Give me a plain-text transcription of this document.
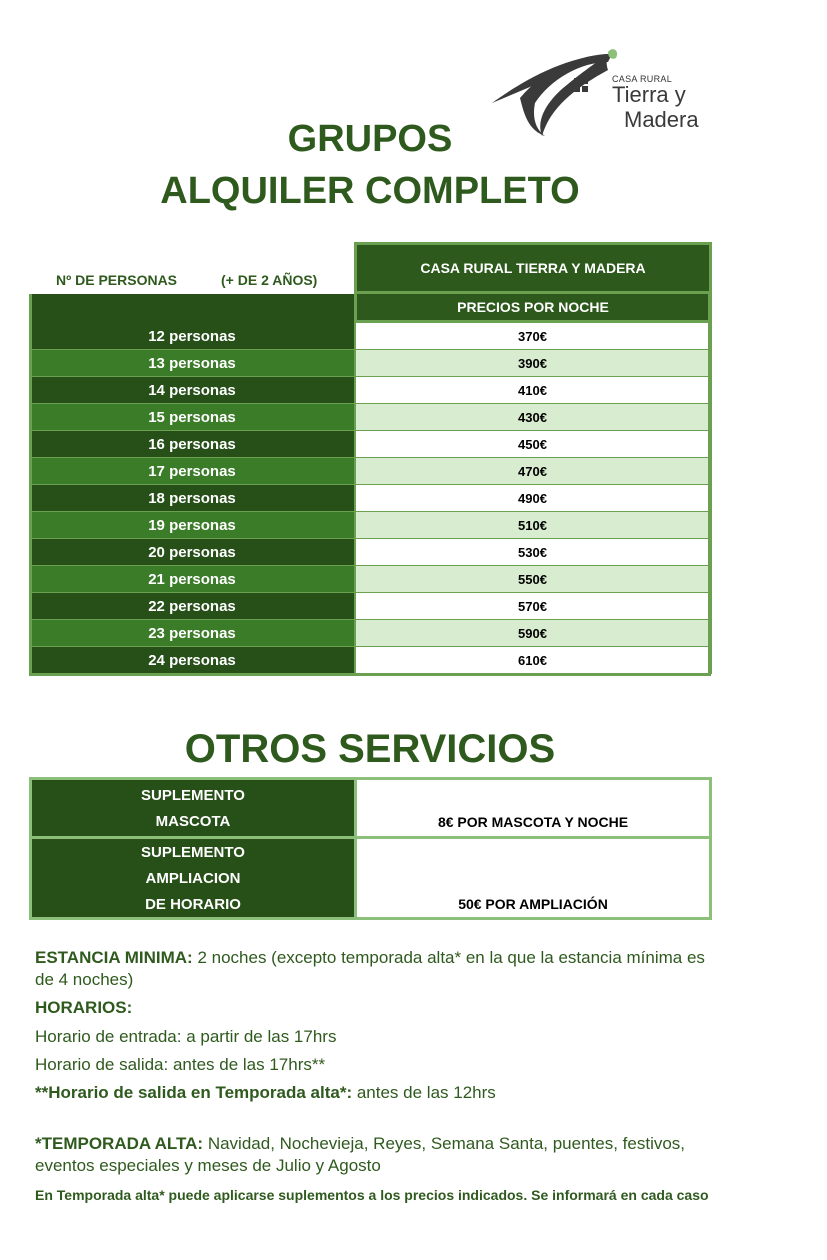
CASA RURAL
Tierra y
Madera
GRUPOS
ALQUILER COMPLETO
Nº DE PERSONAS	(+ DE 2 AÑOS)
CASA RURAL TIERRA Y MADERA
PRECIOS POR NOCHE
12 personas	370€
13 personas	390€
14 personas	410€
15 personas	430€
16 personas	450€
17 personas	470€
18 personas	490€
19 personas	510€
20 personas	530€
21 personas	550€
22 personas	570€
23 personas	590€
24 personas	610€
OTROS SERVICIOS
SUPLEMENTO
MASCOTA	8€ POR MASCOTA Y NOCHE
SUPLEMENTO
AMPLIACION
DE HORARIO	50€ POR AMPLIACIÓN
ESTANCIA MINIMA: 2 noches (excepto temporada alta* en la que la estancia mínima es de 4 noches)
HORARIOS:
Horario de entrada: a partir de las 17hrs
Horario de salida: antes de las 17hrs**
**Horario de salida en Temporada alta*: antes de las 12hrs
*TEMPORADA ALTA: Navidad, Nochevieja, Reyes, Semana Santa, puentes, festivos, eventos especiales y meses de Julio y Agosto
En Temporada alta* puede aplicarse suplementos a los precios indicados. Se informará en cada caso
